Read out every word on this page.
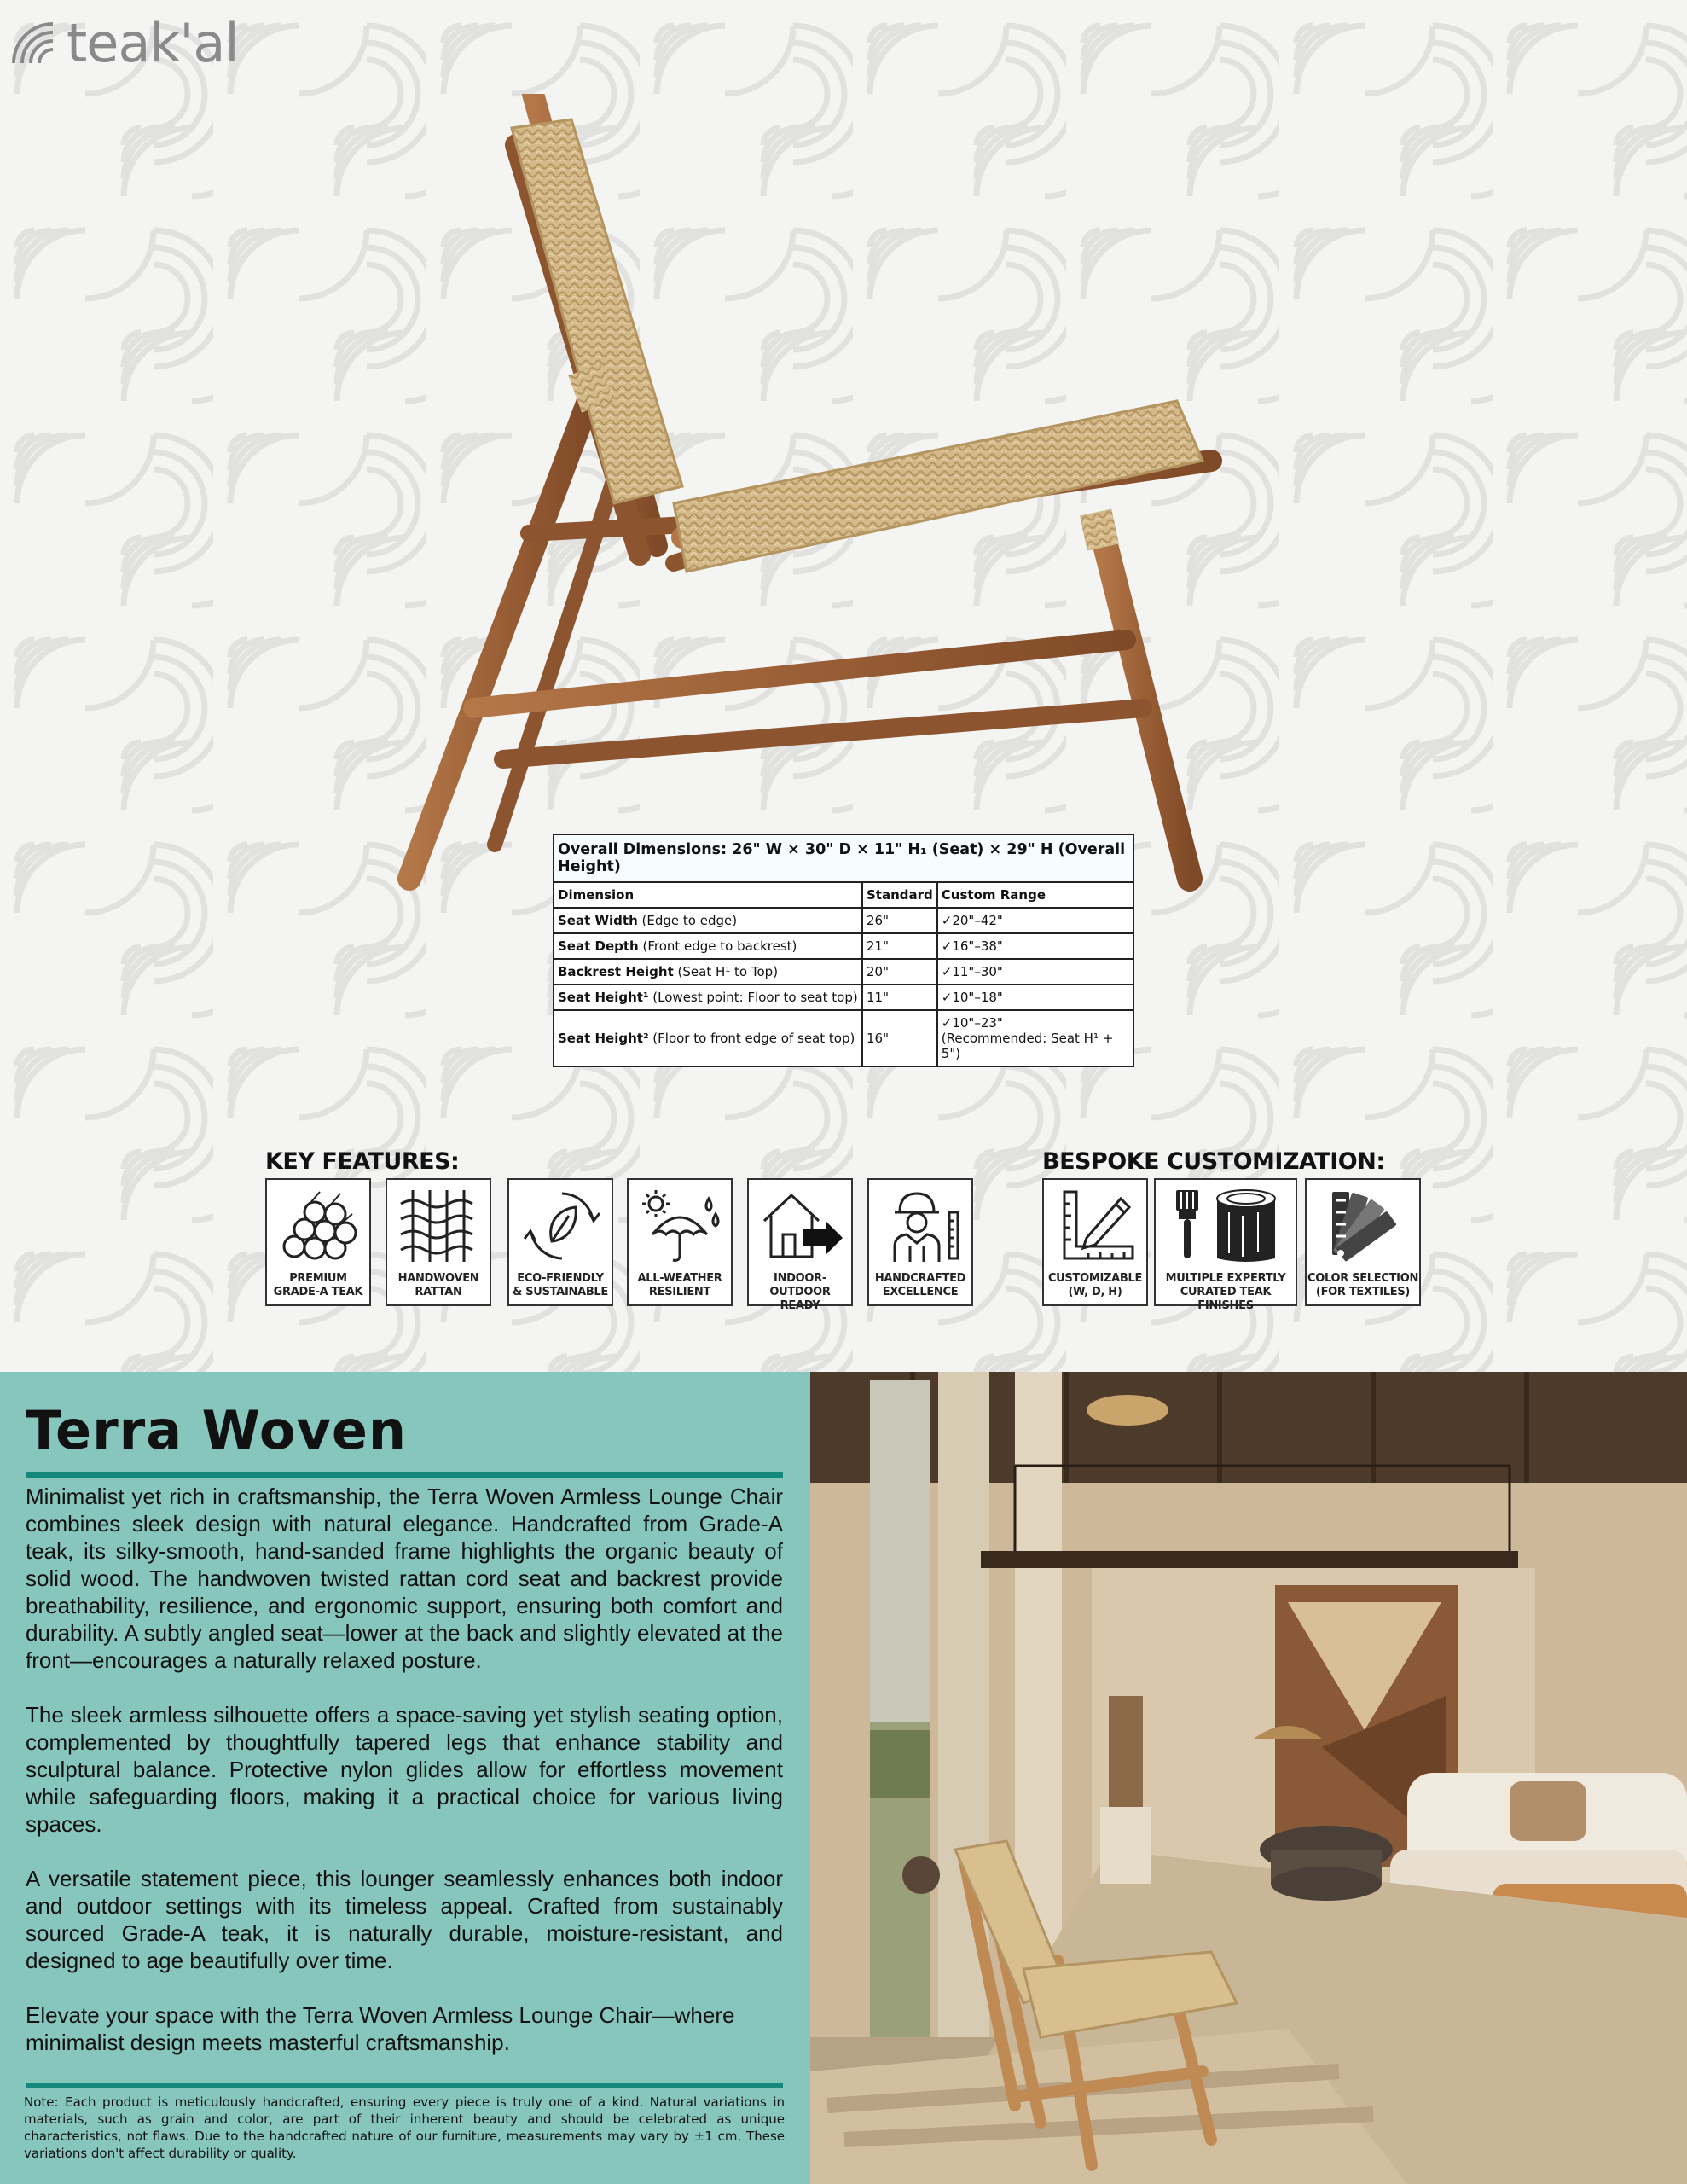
teak'al
Overall Dimensions: 26" W × 30" D × 11" H₁ (Seat) × 29" H (Overall Height)		
Dimension	Standard	Custom Range
Seat Width (Edge to edge)	26"	✓20"–42"
Seat Depth (Front edge to backrest)	21"	✓16"–38"
Backrest Height (Seat H¹ to Top)	20"	✓11"–30"
Seat Height¹ (Lowest point: Floor to seat top)	11"	✓10"–18"
Seat Height² (Floor to front edge of seat top)	16"	✓10"–23"
(Recommended: Seat H¹ + 5")
KEY FEATURES:
PREMIUM
GRADE-A TEAK
HANDWOVEN
RATTAN
ECO-FRIENDLY
& SUSTAINABLE
ALL-WEATHER
RESILIENT
INDOOR-
OUTDOOR READY
HANDCRAFTED
EXCELLENCE
BESPOKE CUSTOMIZATION:
CUSTOMIZABLE
(W, D, H)
MULTIPLE EXPERTLY
CURATED TEAK FINISHES
COLOR SELECTION
(FOR TEXTILES)
Terra Woven

Minimalist yet rich in craftsmanship, the Terra Woven Armless Lounge Chair combines sleek design with natural elegance. Handcrafted from Grade-A teak, its silky-smooth, hand-sanded frame highlights the organic beauty of solid wood. The handwoven twisted rattan cord seat and backrest provide breathability, resilience, and ergonomic support, ensuring both comfort and durability. A subtly angled seat—lower at the back and slightly elevated at the front—encourages a naturally relaxed posture.

The sleek armless silhouette offers a space-saving yet stylish seating option, complemented by thoughtfully tapered legs that enhance stability and sculptural balance. Protective nylon glides allow for effortless movement while safeguarding floors, making it a practical choice for various living spaces.

A versatile statement piece, this lounger seamlessly enhances both indoor and outdoor settings with its timeless appeal. Crafted from sustainably sourced Grade-A teak, it is naturally durable, moisture-resistant, and designed to age beautifully over time.

Elevate your space with the Terra Woven Armless Lounge Chair—where minimalist design meets masterful craftsmanship.

Note: Each product is meticulously handcrafted, ensuring every piece is truly one of a kind. Natural variations in materials, such as grain and color, are part of their inherent beauty and should be celebrated as unique characteristics, not flaws. Due to the handcrafted nature of our furniture, measurements may vary by ±1 cm. These variations don't affect durability or quality.
